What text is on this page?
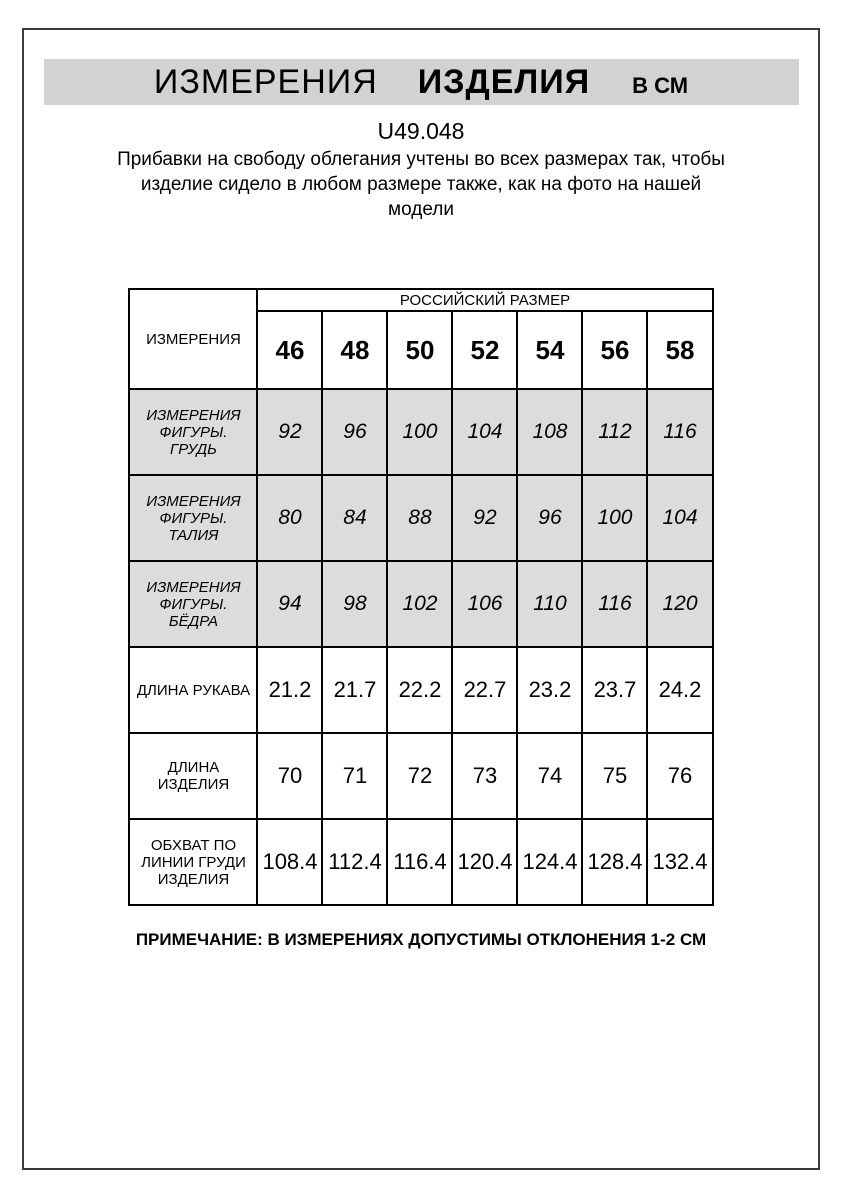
ИЗМЕРЕНИЯ ИЗДЕЛИЯ В СМ
U49.048

Прибавки на свободу облегания учтены во всех размерах так, чтобы изделие сидело в любом размере также, как на фото на нашей модели

ИЗМЕРЕНИЯ	РОССИЙСКИЙ РАЗМЕР						
	46	48	50	52	54	56	58
ИЗМЕРЕНИЯ ФИГУРЫ. ГРУДЬ	92	96	100	104	108	112	116
ИЗМЕРЕНИЯ ФИГУРЫ. ТАЛИЯ	80	84	88	92	96	100	104
ИЗМЕРЕНИЯ ФИГУРЫ. БЁДРА	94	98	102	106	110	116	120
ДЛИНА РУКАВА	21.2	21.7	22.2	22.7	23.2	23.7	24.2
ДЛИНА ИЗДЕЛИЯ	70	71	72	73	74	75	76
ОБХВАТ ПО ЛИНИИ ГРУДИ ИЗДЕЛИЯ	108.4	112.4	116.4	120.4	124.4	128.4	132.4
ПРИМЕЧАНИЕ: В ИЗМЕРЕНИЯХ ДОПУСТИМЫ ОТКЛОНЕНИЯ 1-2 СМ
